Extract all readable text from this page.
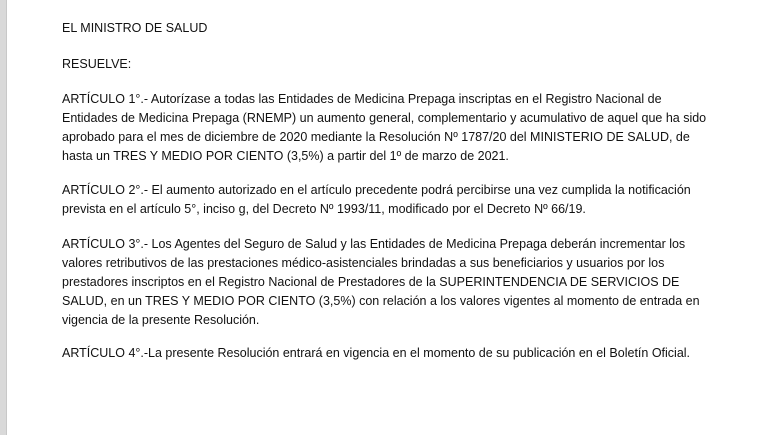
EL MINISTRO DE SALUD

RESUELVE:

ARTÍCULO 1°.- Autorízase a todas las Entidades de Medicina Prepaga inscriptas en el Registro Nacional de
Entidades de Medicina Prepaga (RNEMP) un aumento general, complementario y acumulativo de aquel que ha sido
aprobado para el mes de diciembre de 2020 mediante la Resolución Nº 1787/20 del MINISTERIO DE SALUD, de
hasta un TRES Y MEDIO POR CIENTO (3,5%) a partir del 1º de marzo de 2021.

ARTÍCULO 2°.- El aumento autorizado en el artículo precedente podrá percibirse una vez cumplida la notificación
prevista en el artículo 5°, inciso g, del Decreto Nº 1993/11, modificado por el Decreto Nº 66/19.

ARTÍCULO 3°.- Los Agentes del Seguro de Salud y las Entidades de Medicina Prepaga deberán incrementar los
valores retributivos de las prestaciones médico-asistenciales brindadas a sus beneficiarios y usuarios por los
prestadores inscriptos en el Registro Nacional de Prestadores de la SUPERINTENDENCIA DE SERVICIOS DE
SALUD, en un TRES Y MEDIO POR CIENTO (3,5%) con relación a los valores vigentes al momento de entrada en
vigencia de la presente Resolución.

ARTÍCULO 4°.-La presente Resolución entrará en vigencia en el momento de su publicación en el Boletín Oficial.
